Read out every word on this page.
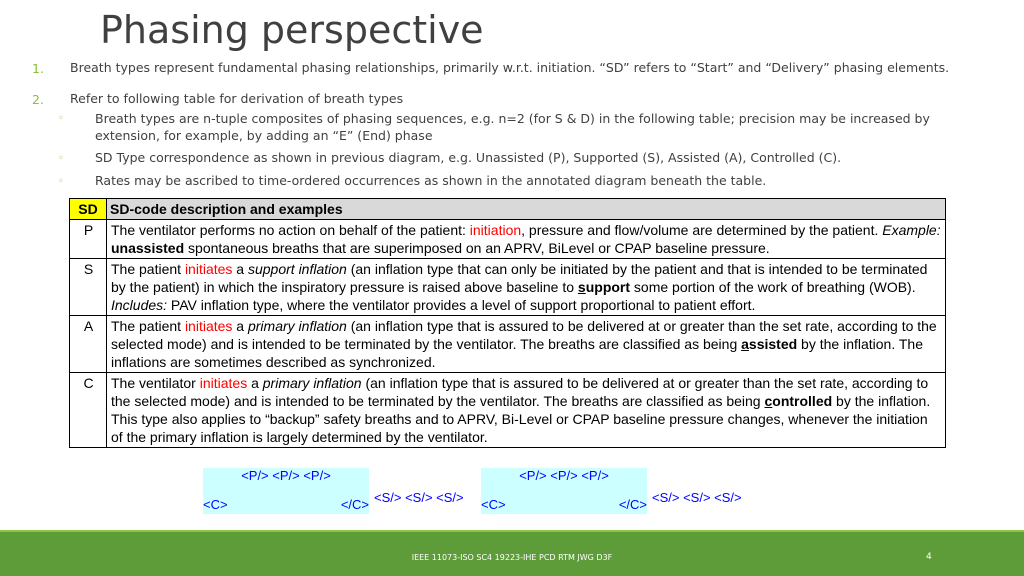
Phasing perspective
1. Breath types represent fundamental phasing relationships, primarily w.r.t. initiation. “SD” refers to “Start” and “Delivery” phasing elements.
2. Refer to following table for derivation of breath types
◦ Breath types are n-tuple composites of phasing sequences, e.g. n=2 (for S & D) in the following table; precision may be increased by extension, for example, by adding an “E” (End) phase
◦ SD Type correspondence as shown in previous diagram, e.g. Unassisted (P), Supported (S), Assisted (A), Controlled (C).
◦ Rates may be ascribed to time-ordered occurrences as shown in the annotated diagram beneath the table.
SD	SD-code description and examples
P	The ventilator performs no action on behalf of the patient: initiation, pressure and flow/volume are determined by the patient. Example: unassisted spontaneous breaths that are superimposed on an APRV, BiLevel or CPAP baseline pressure.
S	The patient initiates a support inflation (an inflation type that can only be initiated by the patient and that is intended to be terminated by the patient) in which the inspiratory pressure is raised above baseline to support some portion of the work of breathing (WOB). Includes: PAV inflation type, where the ventilator provides a level of support proportional to patient effort.
A	The patient initiates a primary inflation (an inflation type that is assured to be delivered at or greater than the set rate, according to the selected mode) and is intended to be terminated by the ventilator. The breaths are classified as being assisted by the inflation. The inflations are sometimes described as synchronized.
C	The ventilator initiates a primary inflation (an inflation type that is assured to be delivered at or greater than the set rate, according to the selected mode) and is intended to be terminated by the ventilator. The breaths are classified as being controlled by the inflation. This type also applies to “backup” safety breaths and to APRV, Bi-Level or CPAP baseline pressure changes, whenever the initiation of the primary inflation is largely determined by the ventilator.
<P/> <P/> <P/>
<C>	</C> <S/> <S/> <S/>
<P/> <P/> <P/>
<C>	</C> <S/> <S/> <S/>
IEEE 11073-ISO SC4 19223-IHE PCD RTM JWG D3F	4
